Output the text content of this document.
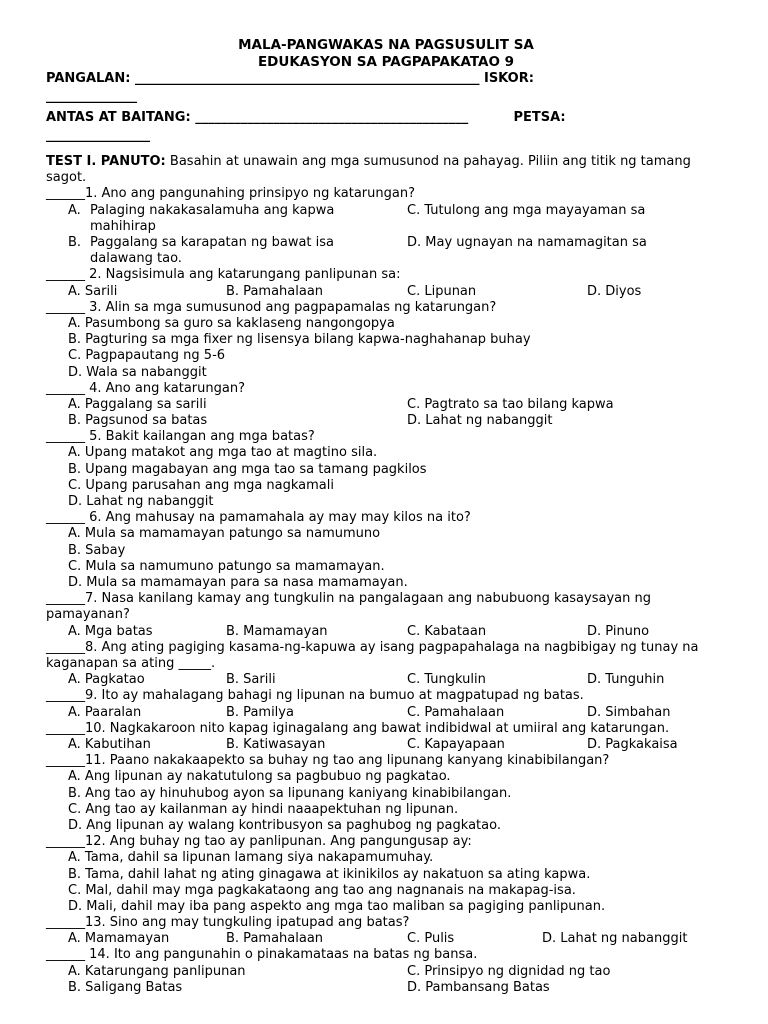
MALA-PANGWAKAS NA PAGSUSULIT SA
EDUKASYON SA PAGPAPAKATAO 9
PANGALAN: _____________________________________________________ ISKOR:
______________
ANTAS AT BAITANG: __________________________________________          PETSA:
________________
TEST I. PANUTO: Basahin at unawain ang mga sumusunod na pahayag. Piliin ang titik ng tamang sagot.
______1. Ano ang pangunahing prinsipyo ng katarungan?
A. Palaging nakakasalamuha ang kapwa	C. Tutulong ang mga mayayaman sa
mahihirap
B. Paggalang sa karapatan ng bawat isa	D. May ugnayan na namamagitan sa
dalawang tao.
______ 2. Nagsisimula ang katarungang panlipunan sa:
A. Sarili	B. Pamahalaan	C. Lipunan	D. Diyos
______ 3. Alin sa mga sumusunod ang pagpapamalas ng katarungan?
A. Pasumbong sa guro sa kaklaseng nangongopya
B. Pagturing sa mga fixer ng lisensya bilang kapwa-naghahanap buhay
C. Pagpapautang ng 5-6
D. Wala sa nabanggit
______ 4. Ano ang katarungan?
A. Paggalang sa sarili	C. Pagtrato sa tao bilang kapwa
B. Pagsunod sa batas	D. Lahat ng nabanggit
______ 5. Bakit kailangan ang mga batas?
A. Upang matakot ang mga tao at magtino sila.
B. Upang magabayan ang mga tao sa tamang pagkilos
C. Upang parusahan ang mga nagkamali
D. Lahat ng nabanggit
______ 6. Ang mahusay na pamamahala ay may may kilos na ito?
A. Mula sa mamamayan patungo sa namumuno
B. Sabay
C. Mula sa namumuno patungo sa mamamayan.
D. Mula sa mamamayan para sa nasa mamamayan.
______7. Nasa kanilang kamay ang tungkulin na pangalagaan ang nabubuong kasaysayan ng pamayanan?
A. Mga batas	B. Mamamayan	C. Kabataan	D. Pinuno
______8. Ang ating pagiging kasama-ng-kapuwa ay isang pagpapahalaga na nagbibigay ng tunay na kaganapan sa ating _____.
A. Pagkatao	B. Sarili	C. Tungkulin	D. Tunguhin
______9. Ito ay mahalagang bahagi ng lipunan na bumuo at magpatupad ng batas.
A. Paaralan	B. Pamilya	C. Pamahalaan	D. Simbahan
______10. Nagkakaroon nito kapag iginagalang ang bawat indibidwal at umiiral ang katarungan.
A. Kabutihan	B. Katiwasayan	C. Kapayapaan	D. Pagkakaisa
______11. Paano nakakaapekto sa buhay ng tao ang lipunang kanyang kinabibilangan?
A. Ang lipunan ay nakatutulong sa pagbubuo ng pagkatao.
B. Ang tao ay hinuhubog ayon sa lipunang kaniyang kinabibilangan.
C. Ang tao ay kailanman ay hindi naaapektuhan ng lipunan.
D. Ang lipunan ay walang kontribusyon sa paghubog ng pagkatao.
______12. Ang buhay ng tao ay panlipunan. Ang pangungusap ay:
A. Tama, dahil sa lipunan lamang siya nakapamumuhay.
B. Tama, dahil lahat ng ating ginagawa at ikinikilos ay nakatuon sa ating kapwa.
C. Mal, dahil may mga pagkakataong ang tao ang nagnanais na makapag-isa.
D. Mali, dahil may iba pang aspekto ang mga tao maliban sa pagiging panlipunan.
______13. Sino ang may tungkuling ipatupad ang batas?
A. Mamamayan	B. Pamahalaan	C. Pulis	D. Lahat ng nabanggit
______ 14. Ito ang pangunahin o pinakamataas na batas ng bansa.
A. Katarungang panlipunan	C. Prinsipyo ng dignidad ng tao
B. Saligang Batas	D. Pambansang Batas
